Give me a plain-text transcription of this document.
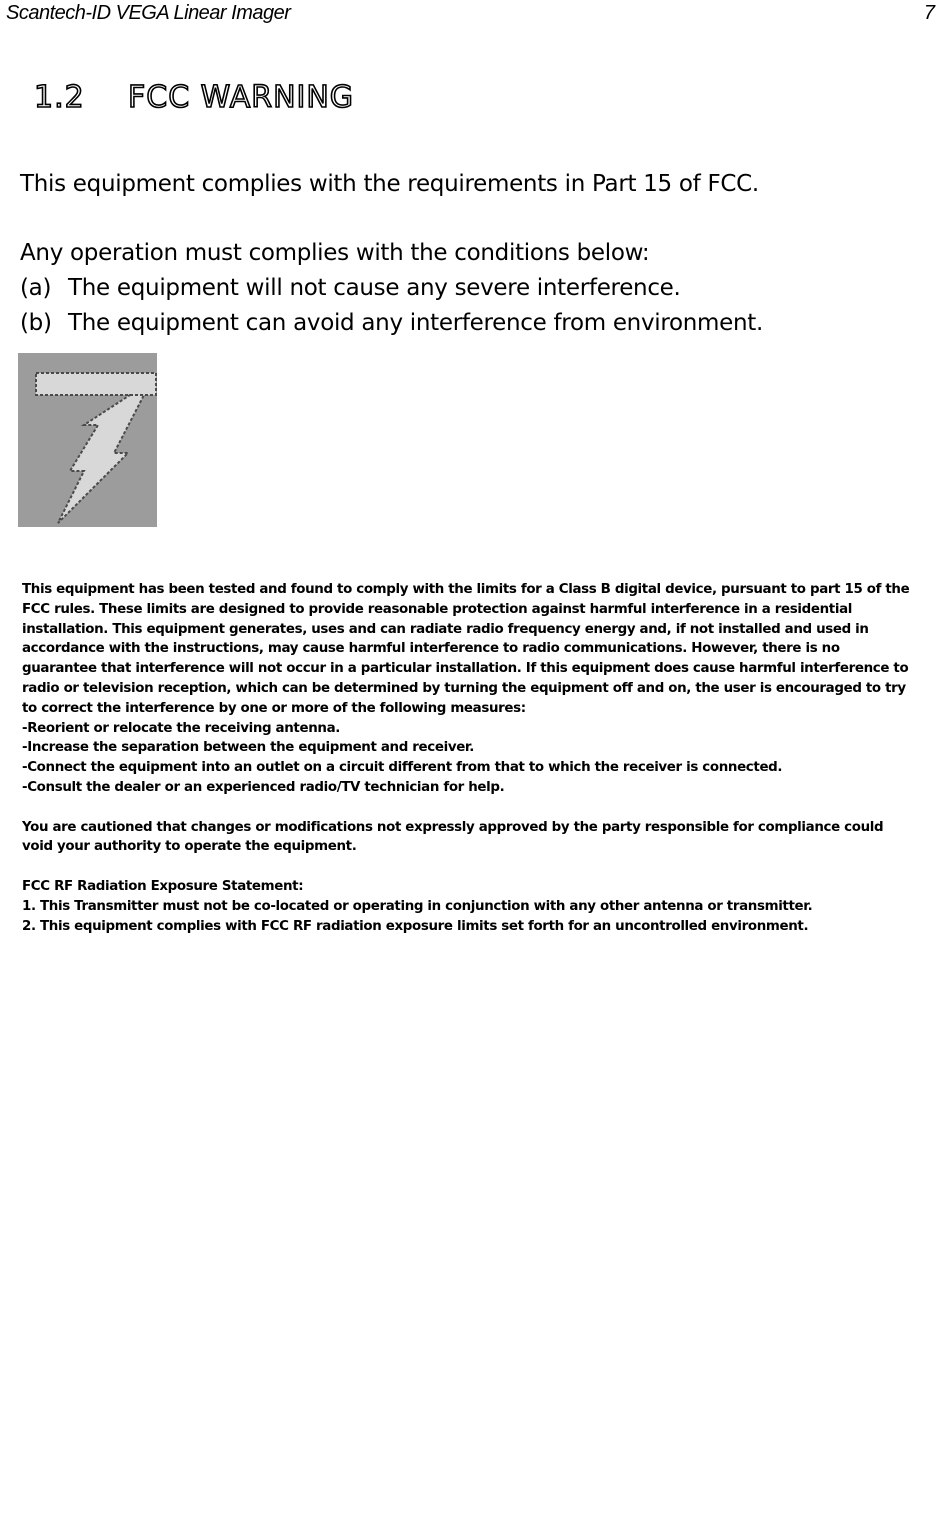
Scantech-ID VEGA Linear Imager	7
1.2 FCC WARNING
This equipment complies with the requirements in Part 15 of FCC.
Any operation must complies with the conditions below:
(a) The equipment will not cause any severe interference.
(b) The equipment can avoid any interference from environment.

This equipment has been tested and found to comply with the limits for a Class B digital device, pursuant to part 15 of the FCC rules. These limits are designed to provide reasonable protection against harmful interference in a residential installation. This equipment generates, uses and can radiate radio frequency energy and, if not installed and used in accordance with the instructions, may cause harmful interference to radio communications. However, there is no guarantee that interference will not occur in a particular installation. If this equipment does cause harmful interference to radio or television reception, which can be determined by turning the equipment off and on, the user is encouraged to try to correct the interference by one or more of the following measures:

-Reorient or relocate the receiving antenna.

-Increase the separation between the equipment and receiver.

-Connect the equipment into an outlet on a circuit different from that to which the receiver is connected.

-Consult the dealer or an experienced radio/TV technician for help.

You are cautioned that changes or modifications not expressly approved by the party responsible for compliance could void your authority to operate the equipment.

FCC RF Radiation Exposure Statement:

1. This Transmitter must not be co-located or operating in conjunction with any other antenna or transmitter.

2. This equipment complies with FCC RF radiation exposure limits set forth for an uncontrolled environment.
